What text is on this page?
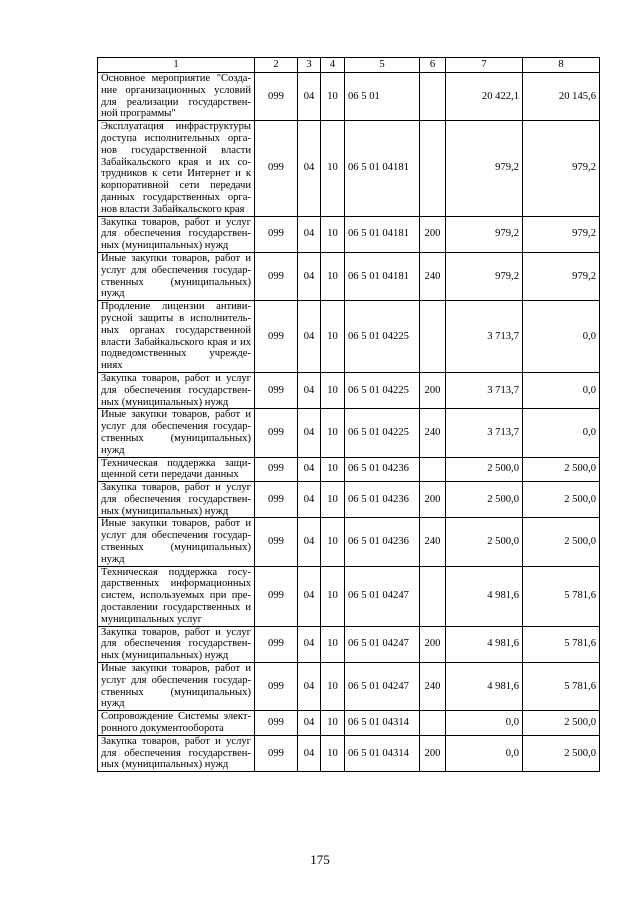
1	2	3	4	5	6	7	8
Основное мероприятие "Созда-ние организационных условий для реализации государствен-ной программы"	099	04	10	06 5 01		20 422,1	20 145,6
Эксплуатация инфраструктуры доступа исполнительных орга-нов государственной власти Забайкальского края и их со-трудников к сети Интернет и к корпоративной сети передачи данных государственных орга-нов власти Забайкальского края	099	04	10	06 5 01 04181		979,2	979,2
Закупка товаров, работ и услуг для обеспечения государствен-ных (муниципальных) нужд	099	04	10	06 5 01 04181	200	979,2	979,2
Иные закупки товаров, работ и услуг для обеспечения государ-ственных (муниципальных) нужд	099	04	10	06 5 01 04181	240	979,2	979,2
Продление лицензии антиви-русной защиты в исполнитель-ных органах государственной власти Забайкальского края и их подведомственных учрежде-ниях	099	04	10	06 5 01 04225		3 713,7	0,0
Закупка товаров, работ и услуг для обеспечения государствен-ных (муниципальных) нужд	099	04	10	06 5 01 04225	200	3 713,7	0,0
Иные закупки товаров, работ и услуг для обеспечения государ-ственных (муниципальных) нужд	099	04	10	06 5 01 04225	240	3 713,7	0,0
Техническая поддержка защи-щенной сети передачи данных	099	04	10	06 5 01 04236		2 500,0	2 500,0
Закупка товаров, работ и услуг для обеспечения государствен-ных (муниципальных) нужд	099	04	10	06 5 01 04236	200	2 500,0	2 500,0
Иные закупки товаров, работ и услуг для обеспечения государ-ственных (муниципальных) нужд	099	04	10	06 5 01 04236	240	2 500,0	2 500,0
Техническая поддержка госу-дарственных информационных систем, используемых при пре-доставлении государственных и муниципальных услуг	099	04	10	06 5 01 04247		4 981,6	5 781,6
Закупка товаров, работ и услуг для обеспечения государствен-ных (муниципальных) нужд	099	04	10	06 5 01 04247	200	4 981,6	5 781,6
Иные закупки товаров, работ и услуг для обеспечения государ-ственных (муниципальных) нужд	099	04	10	06 5 01 04247	240	4 981,6	5 781,6
Сопровождение Системы элект-ронного документооборота	099	04	10	06 5 01 04314		0,0	2 500,0
Закупка товаров, работ и услуг для обеспечения государствен-ных (муниципальных) нужд	099	04	10	06 5 01 04314	200	0,0	2 500,0
175
